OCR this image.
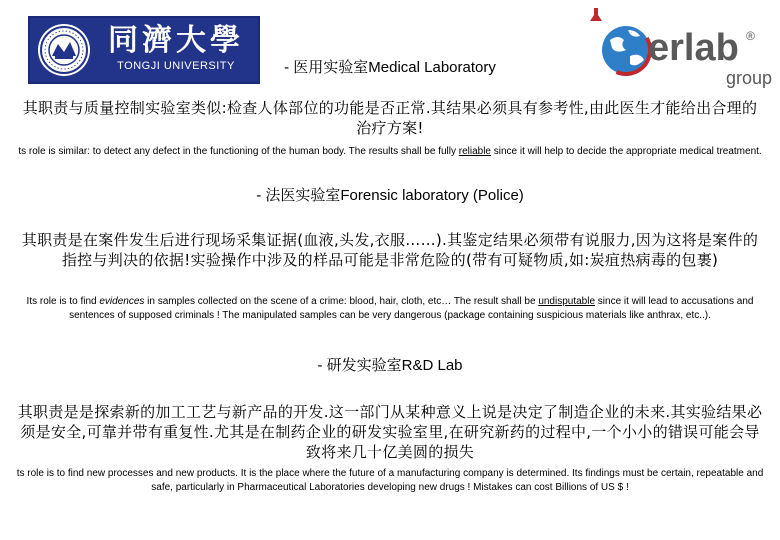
同濟大學
TONGJI UNIVERSITY	erlab ®
group
- 医用实验室Medical Laboratory

其职责与质量控制实验室类似:检查人体部位的功能是否正常.其结果必须具有参考性,由此医生才能给出合理的治疗方案!

ts role is similar: to detect any defect in the functioning of the human body. The results shall be fully reliable since it will help to decide the appropriate medical treatment.

- 法医实验室Forensic laboratory (Police)

其职责是在案件发生后进行现场采集证据(血液,头发,衣服……).其鉴定结果必须带有说服力,因为这将是案件的指控与判决的依据!实验操作中涉及的样品可能是非常危险的(带有可疑物质,如:炭疽热病毒的包裹)

Its role is to find evidences in samples collected on the scene of a crime: blood, hair, cloth, etc… The result shall be undisputable since it will lead to accusations and sentences of supposed criminals ! The manipulated samples can be very dangerous (package containing suspicious materials like anthrax, etc..).

- 研发实验室R&D Lab

其职责是是探索新的加工工艺与新产品的开发.这一部门从某种意义上说是决定了制造企业的未来.其实验结果必须是安全,可靠并带有重复性.尤其是在制药企业的研发实验室里,在研究新药的过程中,一个小小的错误可能会导致将来几十亿美圆的损失

ts role is to find new processes and new products. It is the place where the future of a manufacturing company is determined. Its findings must be certain, repeatable and safe, particularly in Pharmaceutical Laboratories developing new drugs ! Mistakes can cost Billions of US $ !
